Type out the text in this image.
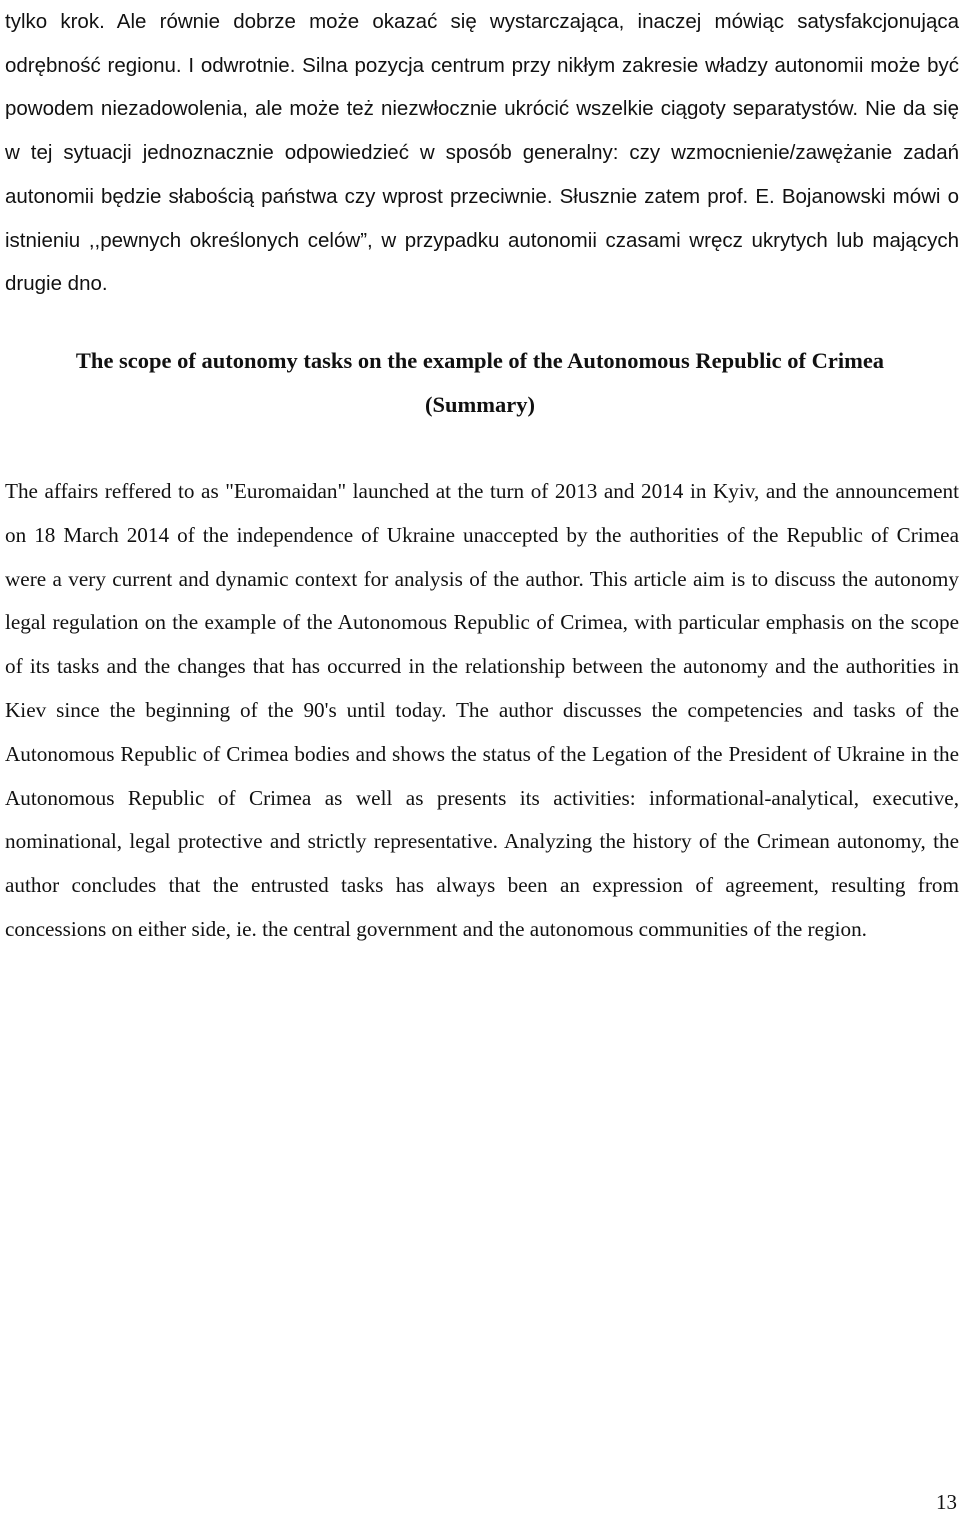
tylko krok. Ale równie dobrze może okazać się wystarczająca, inaczej mówiąc satysfakcjonująca odrębność regionu. I odwrotnie. Silna pozycja centrum przy nikłym zakresie władzy autonomii może być powodem niezadowolenia, ale może też niezwłocznie ukrócić wszelkie ciągoty separatystów. Nie da się w tej sytuacji jednoznacznie odpowiedzieć w sposób generalny: czy wzmocnienie/zawężanie zadań autonomii będzie słabością państwa czy wprost przeciwnie. Słusznie zatem prof. E. Bojanowski mówi o istnieniu ,,pewnych określonych celów”, w przypadku autonomii czasami wręcz ukrytych lub mających drugie dno.

The scope of autonomy tasks on the example of the Autonomous Republic of Crimea
(Summary)

The affairs reffered to as "Euromaidan" launched at the turn of 2013 and 2014 in Kyiv, and the announcement on 18 March 2014 of the independence of Ukraine unaccepted by the authorities of the Republic of Crimea were a very current and dynamic context for analysis of the author. This article aim is to discuss the autonomy legal regulation on the example of the Autonomous Republic of Crimea, with particular emphasis on the scope of its tasks and the changes that has occurred in the relationship between the autonomy and the authorities in Kiev since the beginning of the 90's until today. The author discusses the competencies and tasks of the Autonomous Republic of Crimea bodies and shows the status of the Legation of the President of Ukraine in the Autonomous Republic of Crimea as well as presents its activities: informational-analytical, executive, nominational, legal protective and strictly representative. Analyzing the history of the Crimean autonomy, the author concludes that the entrusted tasks has always been an expression of agreement, resulting from concessions on either side, ie. the central government and the autonomous communities of the region.

13
